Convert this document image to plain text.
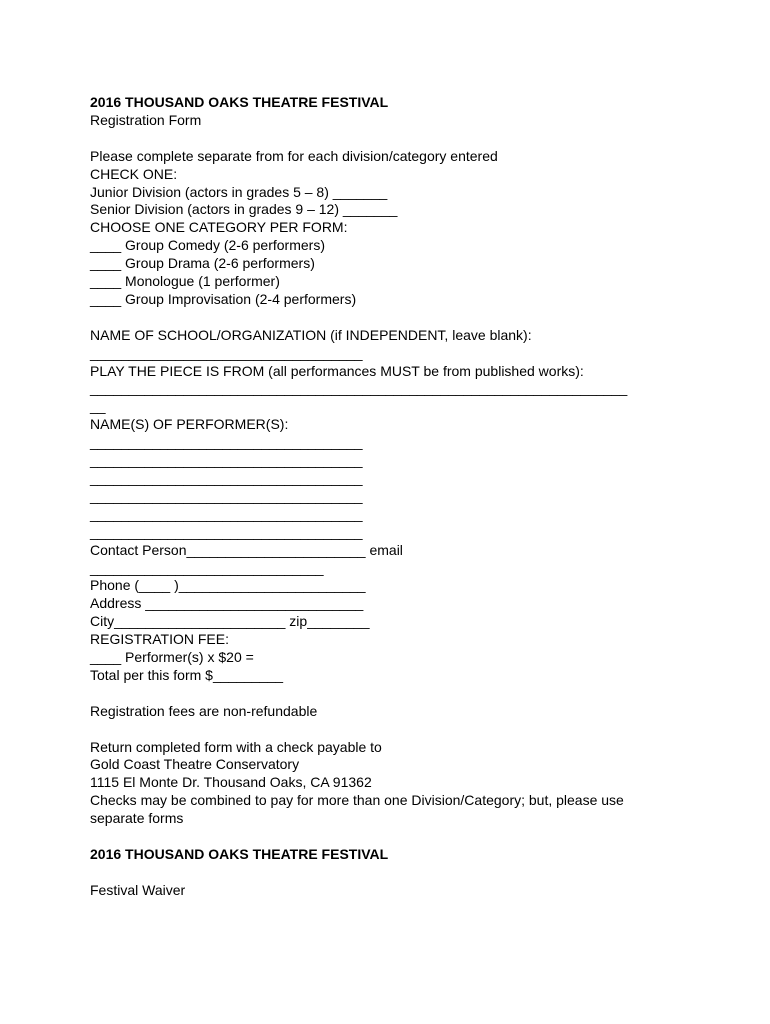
2016 THOUSAND OAKS THEATRE FESTIVAL
Registration Form
Please complete separate from for each division/category entered
CHECK ONE:
Junior Division (actors in grades 5 – 8) _______
Senior Division (actors in grades 9 – 12) _______
CHOOSE ONE CATEGORY PER FORM:
____ Group Comedy (2-6 performers)
____ Group Drama (2-6 performers)
____ Monologue (1 performer)
____ Group Improvisation (2-4 performers)
NAME OF SCHOOL/ORGANIZATION (if INDEPENDENT, leave blank):
___________________________________
PLAY THE PIECE IS FROM (all performances MUST be from published works):
_____________________________________________________________________
__
NAME(S) OF PERFORMER(S):
___________________________________
___________________________________
___________________________________
___________________________________
___________________________________
___________________________________
Contact Person_______________________ email
______________________________
Phone (____ )________________________
Address ____________________________
City______________________ zip________
REGISTRATION FEE:
____ Performer(s) x $20 =
Total per this form $_________
Registration fees are non-refundable
Return completed form with a check payable to
Gold Coast Theatre Conservatory
1115 El Monte Dr. Thousand Oaks, CA 91362
Checks may be combined to pay for more than one Division/Category; but, please use
separate forms
2016 THOUSAND OAKS THEATRE FESTIVAL
Festival Waiver
